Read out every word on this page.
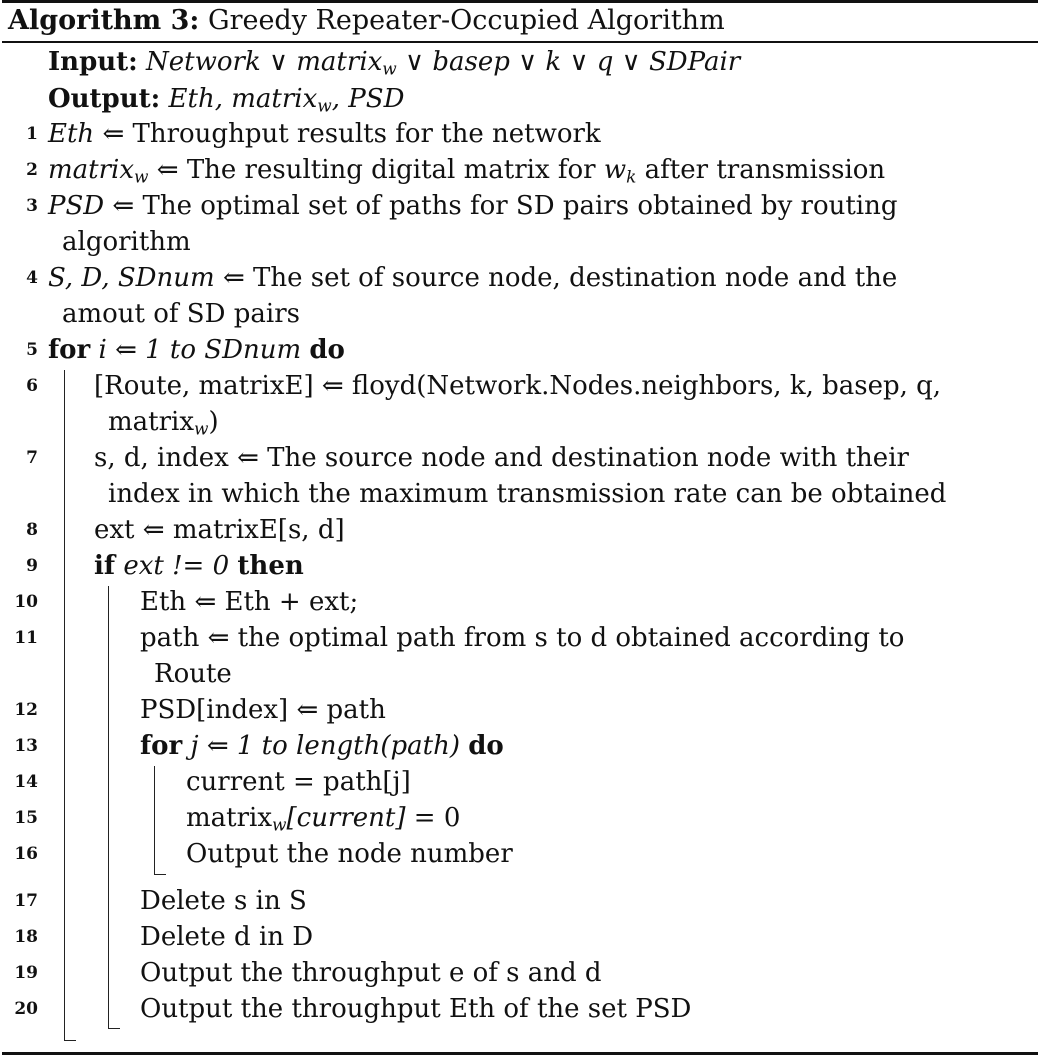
Algorithm 3: Greedy Repeater-Occupied Algorithm
Input: Network ∨ matrix$_w$ ∨ basep ∨ k ∨ q ∨ SDPair
Output: Eth, matrix$_w$, PSD
1 Eth ⇐ Throughput results for the network
2 matrix$_w$ ⇐ The resulting digital matrix for $w_k$ after transmission
3 PSD ⇐ The optimal set of paths for SD pairs obtained by routing
algorithm
4 S, D, SDnum ⇐ The set of source node, destination node and the
amout of SD pairs
5 for i ⇐ 1 to SDnum do
6 [Route, matrixE] ⇐ floyd(Network.Nodes.neighbors, k, basep, q,
matrix$_w$)
7 s, d, index ⇐ The source node and destination node with their
index in which the maximum transmission rate can be obtained
8 ext ⇐ matrixE[s, d]
9 if ext != 0 then
10	Eth ⇐ Eth + ext;
11	path ⇐ the optimal path from s to d obtained according to
Route
12	PSD[index] ⇐ path
13	for j ⇐ 1 to length(path) do
14	current = path[j]
15	matrix$_w$[current] = 0
16	Output the node number
17	Delete s in S
18	Delete d in D
19	Output the throughput e of s and d
20	Output the throughput Eth of the set PSD
